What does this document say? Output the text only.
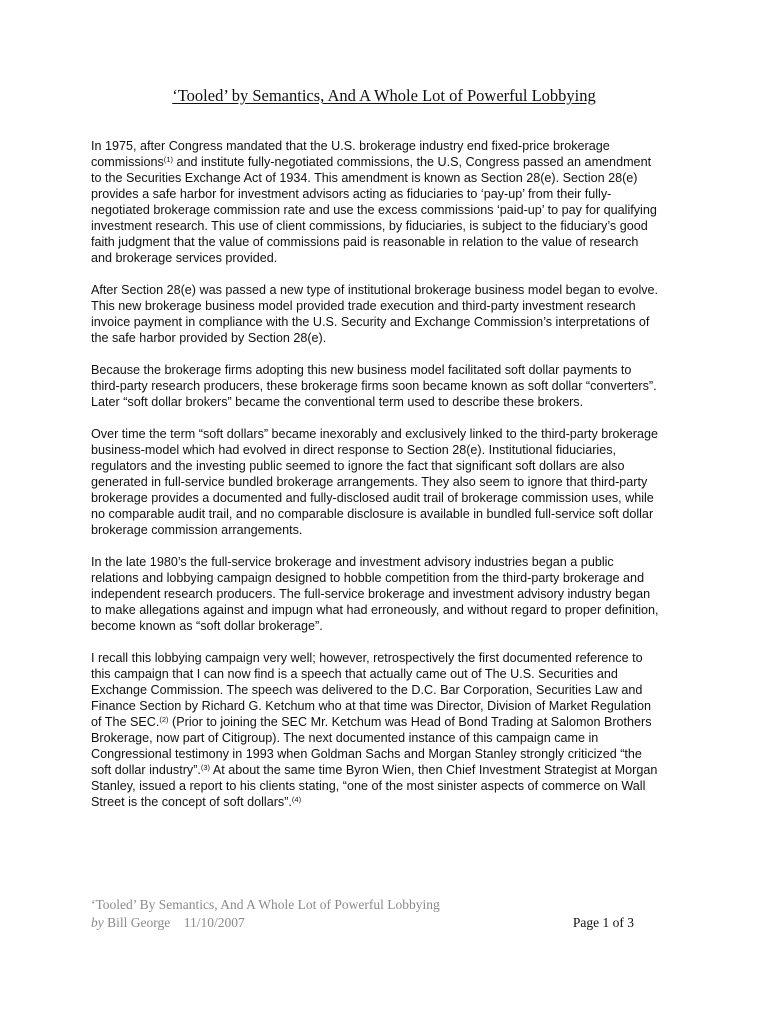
‘Tooled’ by Semantics, And A Whole Lot of Powerful Lobbying

In 1975, after Congress mandated that the U.S. brokerage industry end fixed-price brokerage commissions$^{(1)}$ and institute fully-negotiated commissions, the U.S, Congress passed an amendment to the Securities Exchange Act of 1934. This amendment is known as Section 28(e). Section 28(e) provides a safe harbor for investment advisors acting as fiduciaries to ‘pay-up’ from their fully-negotiated brokerage commission rate and use the excess commissions ‘paid-up’ to pay for qualifying investment research. This use of client commissions, by fiduciaries, is subject to the fiduciary’s good faith judgment that the value of commissions paid is reasonable in relation to the value of research and brokerage services provided.

After Section 28(e) was passed a new type of institutional brokerage business model began to evolve. This new brokerage business model provided trade execution and third-party investment research invoice payment in compliance with the U.S. Security and Exchange Commission’s interpretations of the safe harbor provided by Section 28(e).

Because the brokerage firms adopting this new business model facilitated soft dollar payments to third-party research producers, these brokerage firms soon became known as soft dollar “converters”. Later “soft dollar brokers” became the conventional term used to describe these brokers.

Over time the term “soft dollars” became inexorably and exclusively linked to the third-party brokerage business-model which had evolved in direct response to Section 28(e). Institutional fiduciaries, regulators and the investing public seemed to ignore the fact that significant soft dollars are also generated in full-service bundled brokerage arrangements. They also seem to ignore that third-party brokerage provides a documented and fully-disclosed audit trail of brokerage commission uses, while no comparable audit trail, and no comparable disclosure is available in bundled full-service soft dollar brokerage commission arrangements.

In the late 1980’s the full-service brokerage and investment advisory industries began a public relations and lobbying campaign designed to hobble competition from the third-party brokerage and independent research producers. The full-service brokerage and investment advisory industry began to make allegations against and impugn what had erroneously, and without regard to proper definition, become known as “soft dollar brokerage”.

I recall this lobbying campaign very well; however, retrospectively the first documented reference to this campaign that I can now find is a speech that actually came out of The U.S. Securities and Exchange Commission. The speech was delivered to the D.C. Bar Corporation, Securities Law and Finance Section by Richard G. Ketchum who at that time was Director, Division of Market Regulation of The SEC.$^{(2)}$ (Prior to joining the SEC Mr. Ketchum was Head of Bond Trading at Salomon Brothers Brokerage, now part of Citigroup). The next documented instance of this campaign came in Congressional testimony in 1993 when Goldman Sachs and Morgan Stanley strongly criticized “the soft dollar industry”.$^{(3)}$ At about the same time Byron Wien, then Chief Investment Strategist at Morgan Stanley, issued a report to his clients stating, “one of the most sinister aspects of commerce on Wall Street is the concept of soft dollars”.$^{(4)}$

‘Tooled’ By Semantics, And A Whole Lot of Powerful Lobbying
by Bill George 11/10/2007	Page 1 of 3
